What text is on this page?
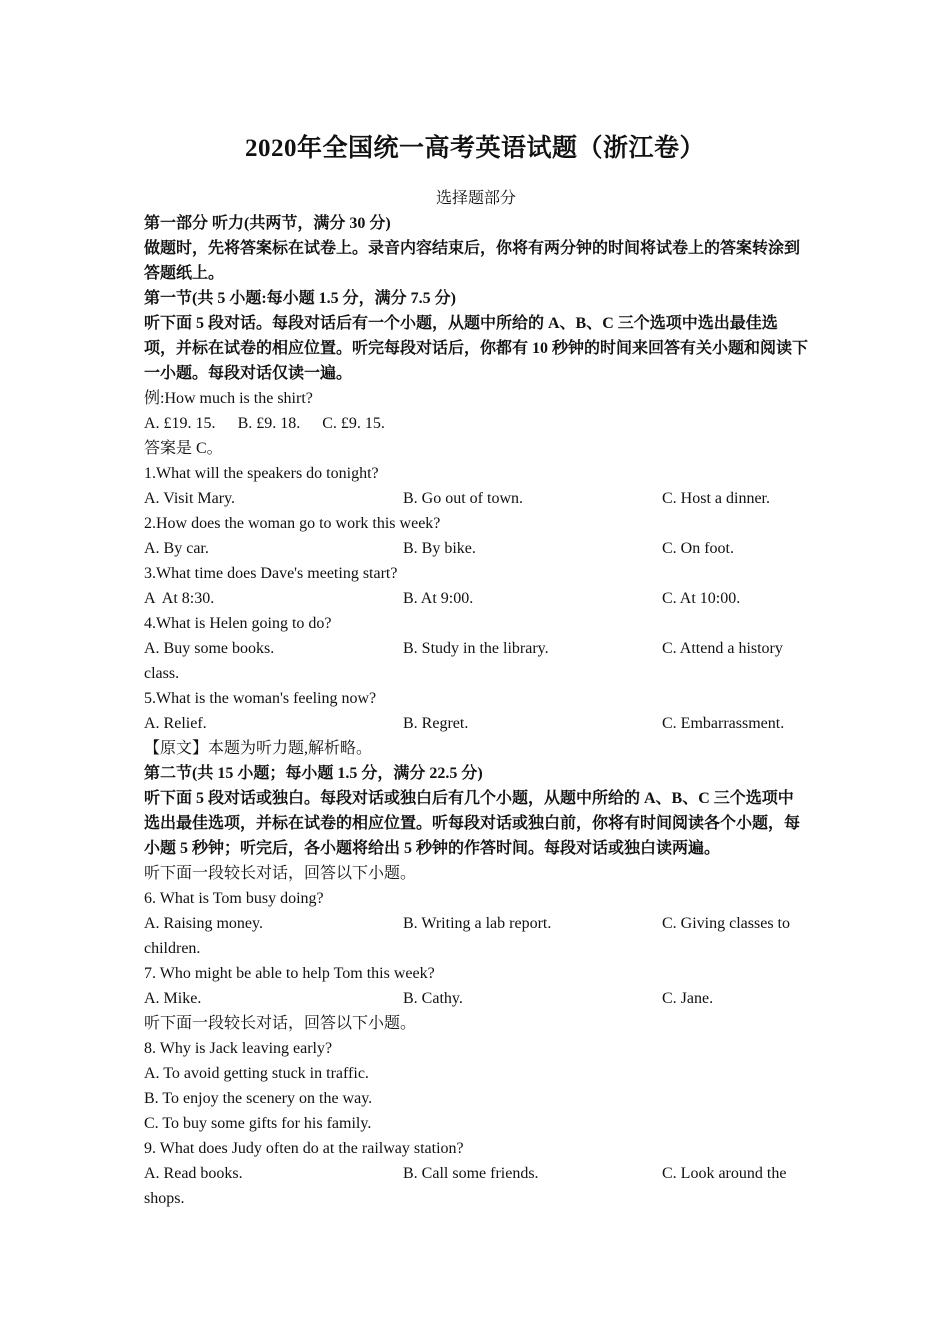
2020年全国统一高考英语试题（浙江卷）
选择题部分
第一部分 听力(共两节，满分 30 分)
做题时，先将答案标在试卷上。录音内容结束后，你将有两分钟的时间将试卷上的答案转涂到答题纸上。
第一节(共 5 小题:每小题 1.5 分，满分 7.5 分)
听下面 5 段对话。每段对话后有一个小题，从题中所给的 A、B、C 三个选项中选出最佳选项，并标在试卷的相应位置。听完每段对话后，你都有 10 秒钟的时间来回答有关小题和阅读下一小题。每段对话仅读一遍。
例:How much is the shirt?
A. £19. 15. B. £9. 18. C. £9. 15.
答案是 C。
1.What will the speakers do tonight?
A. Visit Mary.	B. Go out of town.	C. Host a dinner.
2.How does the woman go to work this week?
A. By car.	B. By bike.	C. On foot.
3.What time does Dave's meeting start?
A  At 8:30.	B. At 9:00.	C. At 10:00.
4.What is Helen going to do?
A. Buy some books.	B. Study in the library.	C. Attend a history
class.
5.What is the woman's feeling now?
A. Relief.	B. Regret.	C. Embarrassment.
【原文】本题为听力题,解析略。
第二节(共 15 小题；每小题 1.5 分，满分 22.5 分)
听下面 5 段对话或独白。每段对话或独白后有几个小题，从题中所给的 A、B、C 三个选项中选出最佳选项，并标在试卷的相应位置。听每段对话或独白前，你将有时间阅读各个小题，每小题 5 秒钟；听完后，各小题将给出 5 秒钟的作答时间。每段对话或独白读两遍。
听下面一段较长对话，回答以下小题。
6. What is Tom busy doing?
A. Raising money.	B. Writing a lab report.	C. Giving classes to
children.
7. Who might be able to help Tom this week?
A. Mike.	B. Cathy.	C. Jane.
听下面一段较长对话，回答以下小题。
8. Why is Jack leaving early?
A. To avoid getting stuck in traffic.
B. To enjoy the scenery on the way.
C. To buy some gifts for his family.
9. What does Judy often do at the railway station?
A. Read books.	B. Call some friends.	C. Look around the
shops.
